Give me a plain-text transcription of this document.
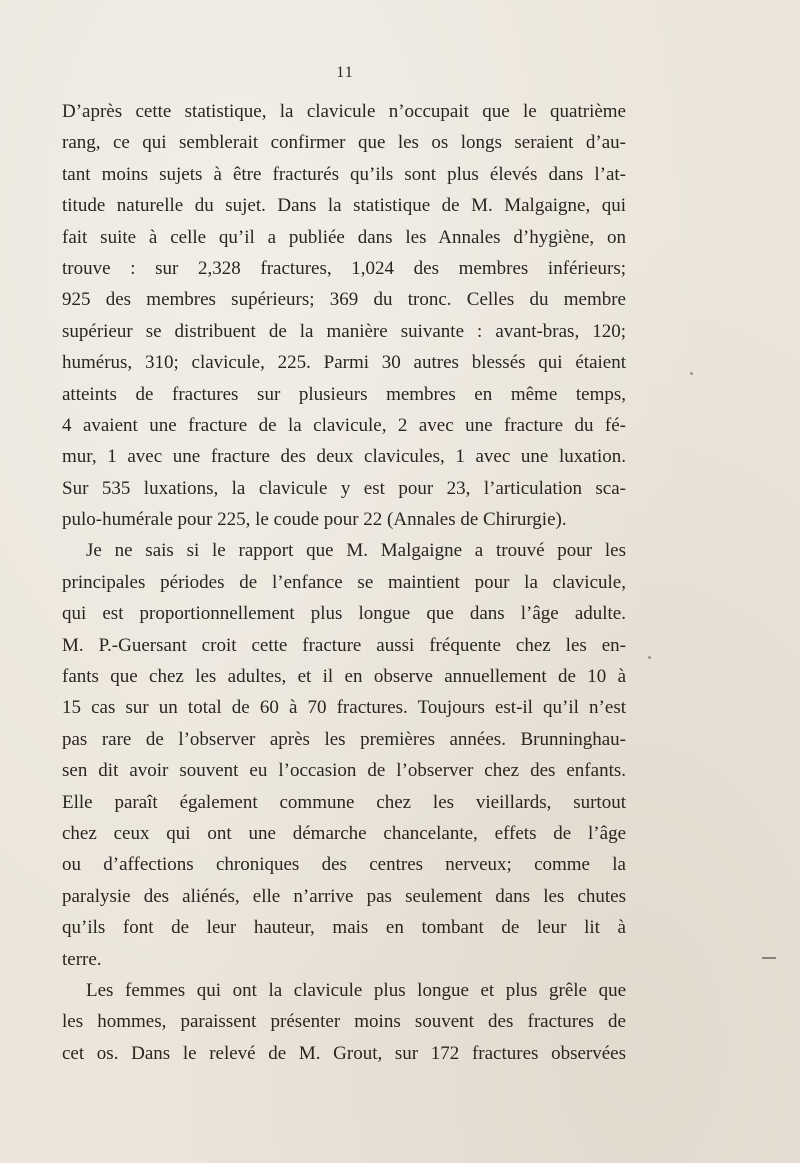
11
D’après cette statistique, la clavicule n’occupait que le quatrième
rang, ce qui semblerait confirmer que les os longs seraient d’au-
tant moins sujets à être fracturés qu’ils sont plus élevés dans l’at-
titude naturelle du sujet. Dans la statistique de M. Malgaigne, qui
fait suite à celle qu’il a publiée dans les Annales d’hygiène, on
trouve : sur 2,328 fractures, 1,024 des membres inférieurs;
925 des membres supérieurs; 369 du tronc. Celles du membre
supérieur se distribuent de la manière suivante : avant-bras, 120;
humérus, 310; clavicule, 225. Parmi 30 autres blessés qui étaient
atteints de fractures sur plusieurs membres en même temps,
4 avaient une fracture de la clavicule, 2 avec une fracture du fé-
mur, 1 avec une fracture des deux clavicules, 1 avec une luxation.
Sur 535 luxations, la clavicule y est pour 23, l’articulation sca-
pulo-humérale pour 225, le coude pour 22 (Annales de Chirurgie).
Je ne sais si le rapport que M. Malgaigne a trouvé pour les
principales périodes de l’enfance se maintient pour la clavicule,
qui est proportionnellement plus longue que dans l’âge adulte.
M. P.-Guersant croit cette fracture aussi fréquente chez les en-
fants que chez les adultes, et il en observe annuellement de 10 à
15 cas sur un total de 60 à 70 fractures. Toujours est-il qu’il n’est
pas rare de l’observer après les premières années. Brunninghau-
sen dit avoir souvent eu l’occasion de l’observer chez des enfants.
Elle paraît également commune chez les vieillards, surtout
chez ceux qui ont une démarche chancelante, effets de l’âge
ou d’affections chroniques des centres nerveux; comme la
paralysie des aliénés, elle n’arrive pas seulement dans les chutes
qu’ils font de leur hauteur, mais en tombant de leur lit à
terre.
Les femmes qui ont la clavicule plus longue et plus grêle que
les hommes, paraissent présenter moins souvent des fractures de
cet os. Dans le relevé de M. Grout, sur 172 fractures observées
